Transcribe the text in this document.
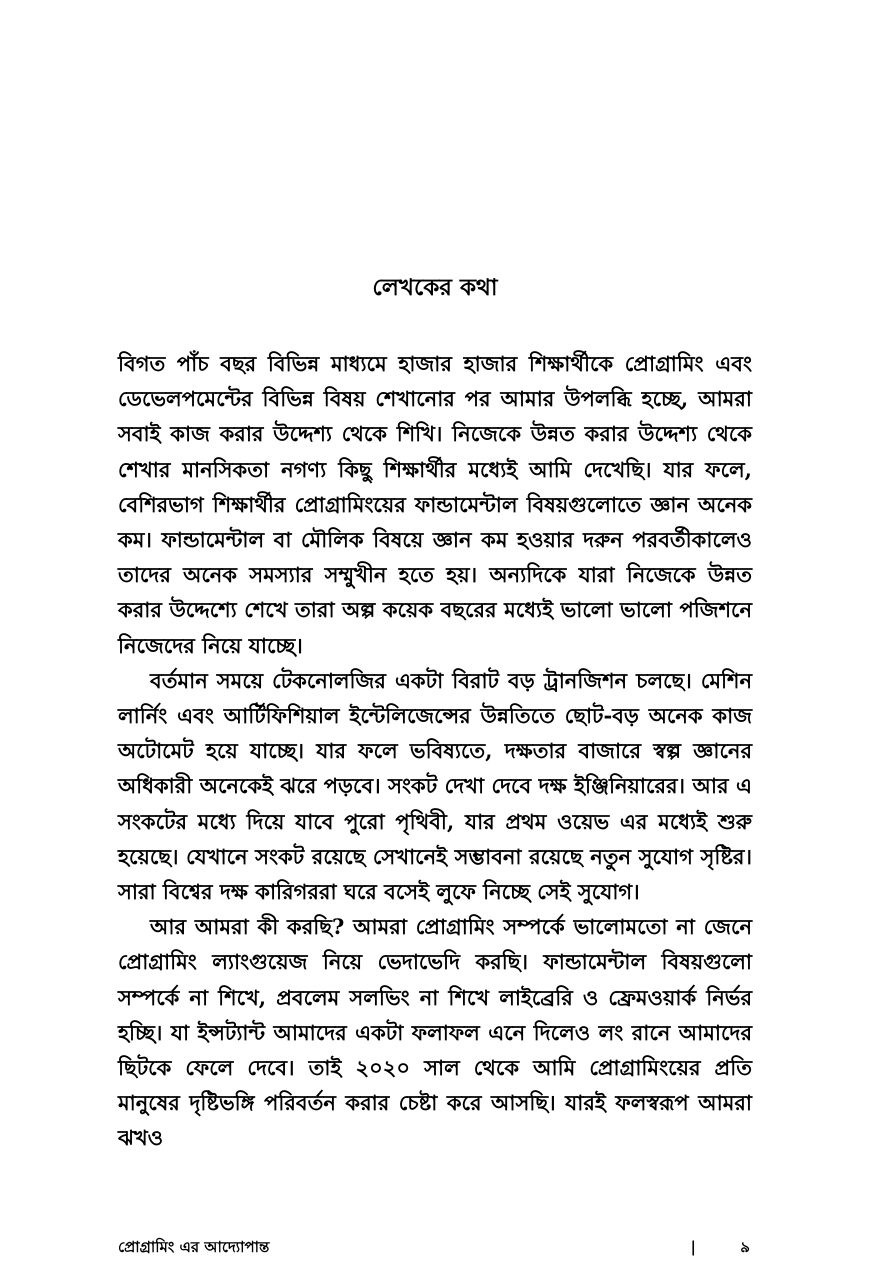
লেখকের কথা

বিগত পাঁচ বছর বিভিন্ন মাধ্যমে হাজার হাজার শিক্ষার্থীকে প্রোগ্রামিং এবং ডেভেলপমেন্টের বিভিন্ন বিষয় শেখানোর পর আমার উপলব্ধি হচ্ছে, আমরা সবাই কাজ করার উদ্দেশ্য থেকে শিখি। নিজেকে উন্নত করার উদ্দেশ্য থেকে শেখার মানসিকতা নগণ্য কিছু শিক্ষার্থীর মধ্যেই আমি দেখেছি। যার ফলে, বেশিরভাগ শিক্ষার্থীর প্রোগ্রামিংয়ের ফান্ডামেন্টাল বিষয়গুলোতে জ্ঞান অনেক কম। ফান্ডামেন্টাল বা মৌলিক বিষয়ে জ্ঞান কম হওয়ার দরুন পরবর্তীকালেও তাদের অনেক সমস্যার সম্মুখীন হতে হয়। অন্যদিকে যারা নিজেকে উন্নত করার উদ্দেশ্যে শেখে তারা অল্প কয়েক বছরের মধ্যেই ভালো ভালো পজিশনে নিজেদের নিয়ে যাচ্ছে।

বর্তমান সময়ে টেকনোলজির একটা বিরাট বড় ট্রানজিশন চলছে। মেশিন লার্নিং এবং আর্টিফিশিয়াল ইন্টেলিজেন্সের উন্নতিতে ছোট-বড় অনেক কাজ অটোমেট হয়ে যাচ্ছে। যার ফলে ভবিষ্যতে, দক্ষতার বাজারে স্বল্প জ্ঞানের অধিকারী অনেকেই ঝরে পড়বে। সংকট দেখা দেবে দক্ষ ইঞ্জিনিয়ারের। আর এ সংকটের মধ্যে দিয়ে যাবে পুরো পৃথিবী, যার প্রথম ওয়েভ এর মধ্যেই শুরু হয়েছে। যেখানে সংকট রয়েছে সেখানেই সম্ভাবনা রয়েছে নতুন সুযোগ সৃষ্টির। সারা বিশ্বের দক্ষ কারিগররা ঘরে বসেই লুফে নিচ্ছে সেই সুযোগ।

আর আমরা কী করছি? আমরা প্রোগ্রামিং সম্পর্কে ভালোমতো না জেনে প্রোগ্রামিং ল্যাংগুয়েজ নিয়ে ভেদাভেদি করছি। ফান্ডামেন্টাল বিষয়গুলো সম্পর্কে না শিখে, প্রবলেম সলভিং না শিখে লাইব্রেরি ও ফ্রেমওয়ার্ক নির্ভর হচ্ছি। যা ইন্সট্যান্ট আমাদের একটা ফলাফল এনে দিলেও লং রানে আমাদের ছিটকে ফেলে দেবে। তাই ২০২০ সাল থেকে আমি প্রোগ্রামিংয়ের প্রতি মানুষের দৃষ্টিভঙ্গি পরিবর্তন করার চেষ্টা করে আসছি। যারই ফলস্বরূপ আমরা ঝখও

প্রোগ্রামিং এর আদ্যোপান্ত	|	৯
